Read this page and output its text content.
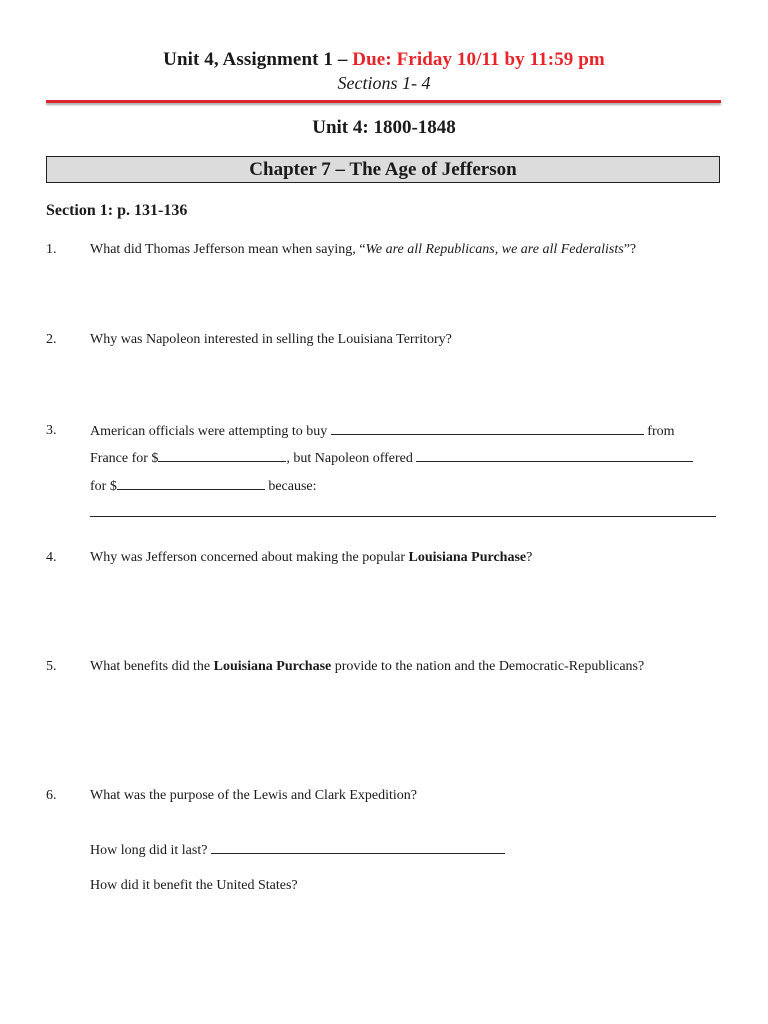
Unit 4, Assignment 1 – Due: Friday 10/11 by 11:59 pm
Sections 1- 4
Unit 4: 1800-1848
Chapter 7 – The Age of Jefferson
Section 1: p. 131-136
1. What did Thomas Jefferson mean when saying, “We are all Republicans, we are all Federalists”?
2. Why was Napoleon interested in selling the Louisiana Territory?
3. American officials were attempting to buy	from
France for $	, but Napoleon offered
for $	because:
4. Why was Jefferson concerned about making the popular Louisiana Purchase?
5. What benefits did the Louisiana Purchase provide to the nation and the Democratic-Republicans?
6. What was the purpose of the Lewis and Clark Expedition?
How long did it last?
How did it benefit the United States?
